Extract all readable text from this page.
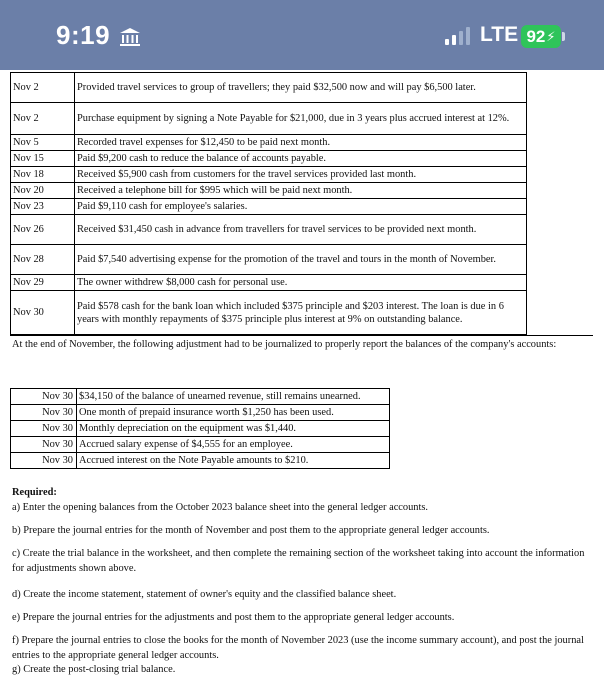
9:19	LTE 92 ⚡
Nov 2	Provided travel services to group of travellers; they paid $32,500 now and will pay $6,500 later.
Nov 2	Purchase equipment by signing a Note Payable for $21,000, due in 3 years plus accrued interest at 12%.
Nov 5	Recorded travel expenses for $12,450 to be paid next month.
Nov 15	Paid $9,200 cash to reduce the balance of accounts payable.
Nov 18	Received $5,900 cash from customers for the travel services provided last month.
Nov 20	Received a telephone bill for $995 which will be paid next month.
Nov 23	Paid $9,110 cash for employee's salaries.
Nov 26	Received $31,450 cash in advance from travellers for travel services to be provided next month.
Nov 28	Paid $7,540 advertising expense for the promotion of the travel and tours in the month of November.
Nov 29	The owner withdrew $8,000 cash for personal use.
Nov 30	Paid $578 cash for the bank loan which included $375 principle and $203 interest. The loan is due in 6 years with monthly repayments of $375 principle plus interest at 9% on outstanding balance.
At the end of November, the following adjustment had to be journalized to properly report the balances of the company's accounts:
Nov 30	$34,150 of the balance of unearned revenue, still remains unearned.
Nov 30	One month of prepaid insurance worth $1,250 has been used.
Nov 30	Monthly depreciation on the equipment was $1,440.
Nov 30	Accrued salary expense of $4,555 for an employee.
Nov 30	Accrued interest on the Note Payable amounts to $210.
Required:
a) Enter the opening balances from the October 2023 balance sheet into the general ledger accounts.
b) Prepare the journal entries for the month of November and post them to the appropriate general ledger accounts.
c) Create the trial balance in the worksheet, and then complete the remaining section of the worksheet taking into account the information for adjustments shown above.
d) Create the income statement, statement of owner's equity and the classified balance sheet.
e) Prepare the journal entries for the adjustments and post them to the appropriate general ledger accounts.
f) Prepare the journal entries to close the books for the month of November 2023 (use the income summary account), and post the journal entries to the appropriate general ledger accounts.
g) Create the post-closing trial balance.
